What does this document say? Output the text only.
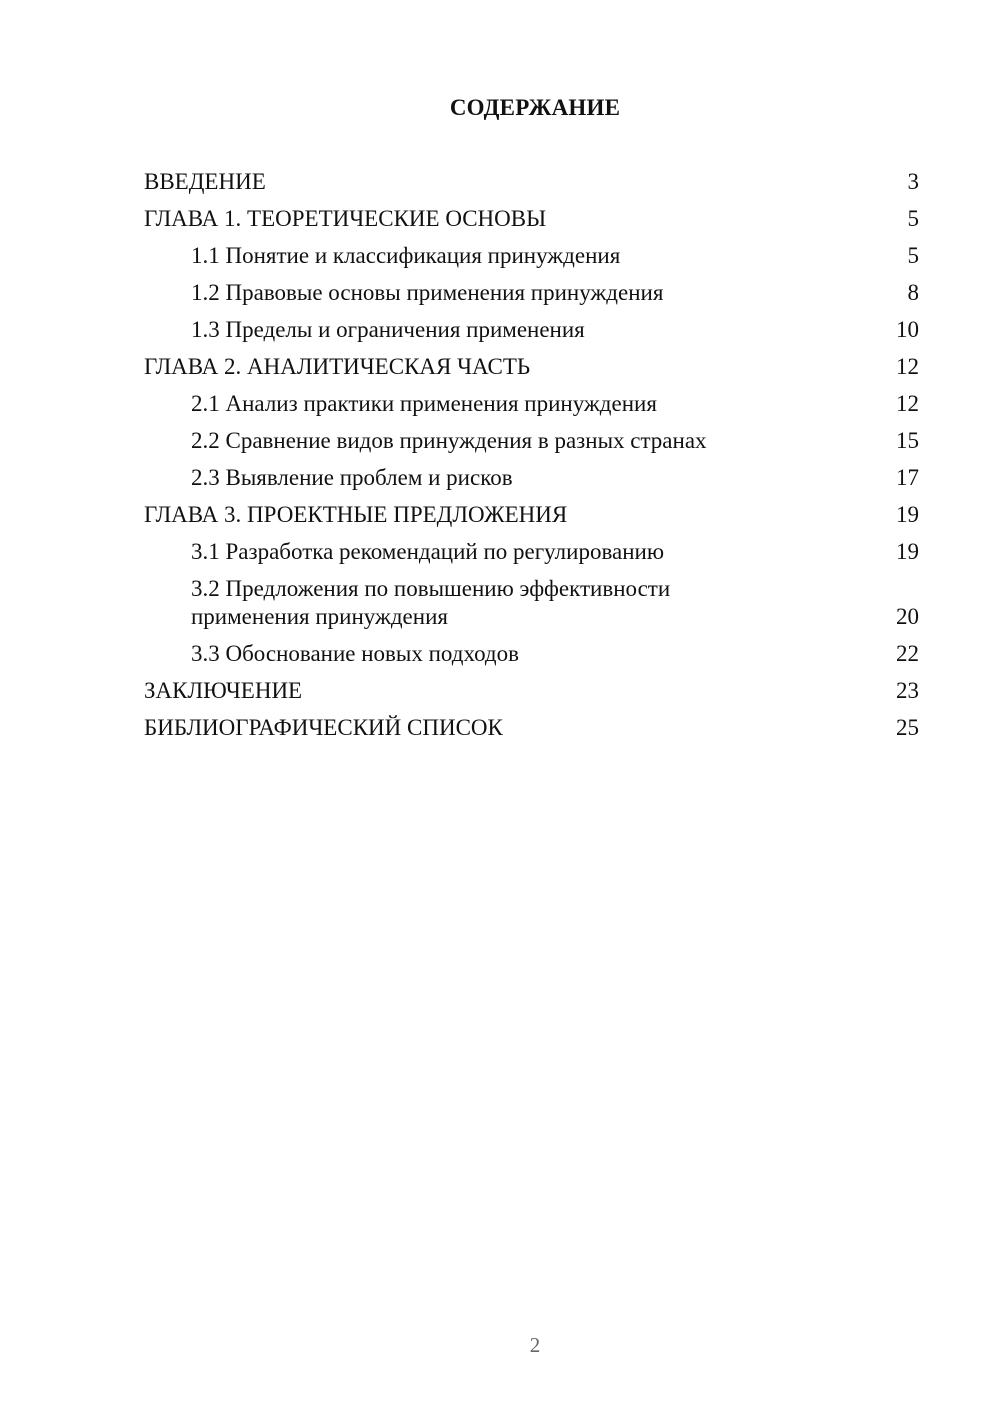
СОДЕРЖАНИЕ
ВВЕДЕНИЕ	3
ГЛАВА 1. ТЕОРЕТИЧЕСКИЕ ОСНОВЫ	5
1.1 Понятие и классификация принуждения	5
1.2 Правовые основы применения принуждения	8
1.3 Пределы и ограничения применения	10
ГЛАВА 2. АНАЛИТИЧЕСКАЯ ЧАСТЬ	12
2.1 Анализ практики применения принуждения	12
2.2 Сравнение видов принуждения в разных странах	15
2.3 Выявление проблем и рисков	17
ГЛАВА 3. ПРОЕКТНЫЕ ПРЕДЛОЖЕНИЯ	19
3.1 Разработка рекомендаций по регулированию	19
3.2 Предложения по повышению эффективности применения принуждения	20
3.3 Обоснование новых подходов	22
ЗАКЛЮЧЕНИЕ	23
БИБЛИОГРАФИЧЕСКИЙ СПИСОК	25
2
